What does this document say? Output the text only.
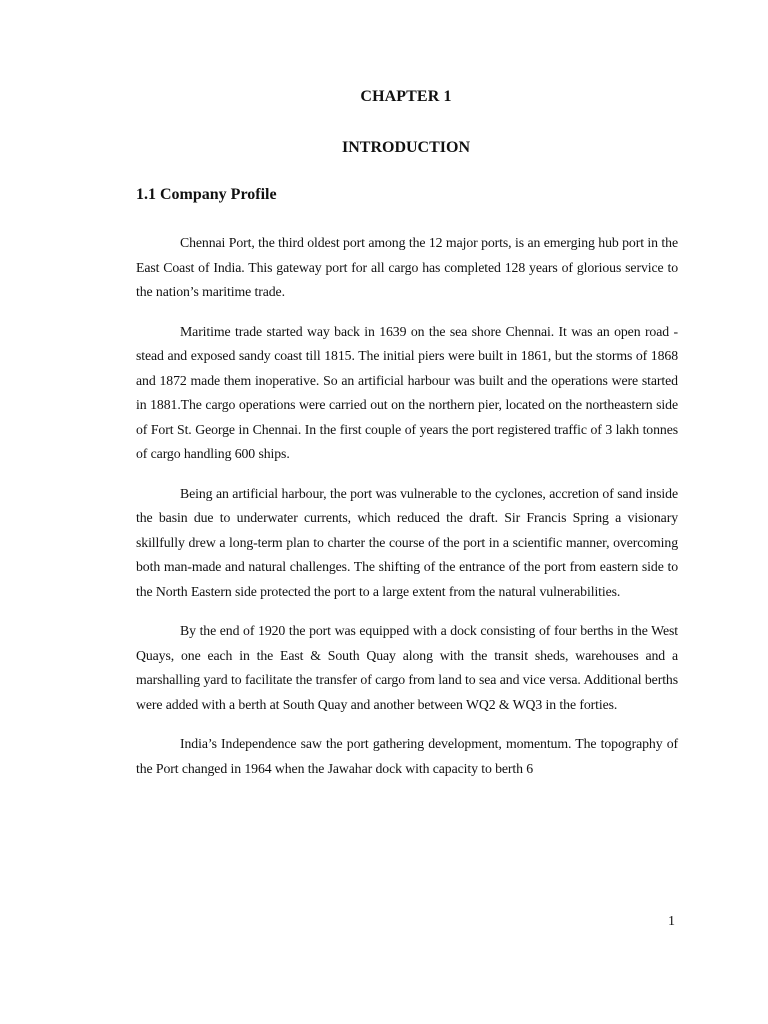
CHAPTER 1
INTRODUCTION
1.1 Company Profile

Chennai Port, the third oldest port among the 12 major ports, is an emerging hub port in the East Coast of India. This gateway port for all cargo has completed 128 years of glorious service to the nation’s maritime trade.

Maritime trade started way back in 1639 on the sea shore Chennai. It was an open road -stead and exposed sandy coast till 1815. The initial piers were built in 1861, but the storms of 1868 and 1872 made them inoperative. So an artificial harbour was built and the operations were started in 1881.The cargo operations were carried out on the northern pier, located on the northeastern side of Fort St. George in Chennai. In the first couple of years the port registered traffic of 3 lakh tonnes of cargo handling 600 ships.

Being an artificial harbour, the port was vulnerable to the cyclones, accretion of sand inside the basin due to underwater currents, which reduced the draft. Sir Francis Spring a visionary skillfully drew a long-term plan to charter the course of the port in a scientific manner, overcoming both man-made and natural challenges. The shifting of the entrance of the port from eastern side to the North Eastern side protected the port to a large extent from the natural vulnerabilities.

By the end of 1920 the port was equipped with a dock consisting of four berths in the West Quays, one each in the East & South Quay along with the transit sheds, warehouses and a marshalling yard to facilitate the transfer of cargo from land to sea and vice versa. Additional berths were added with a berth at South Quay and another between WQ2 & WQ3 in the forties.

India’s Independence saw the port gathering development, momentum. The topography of the Port changed in 1964 when the Jawahar dock with capacity to berth 6

1
